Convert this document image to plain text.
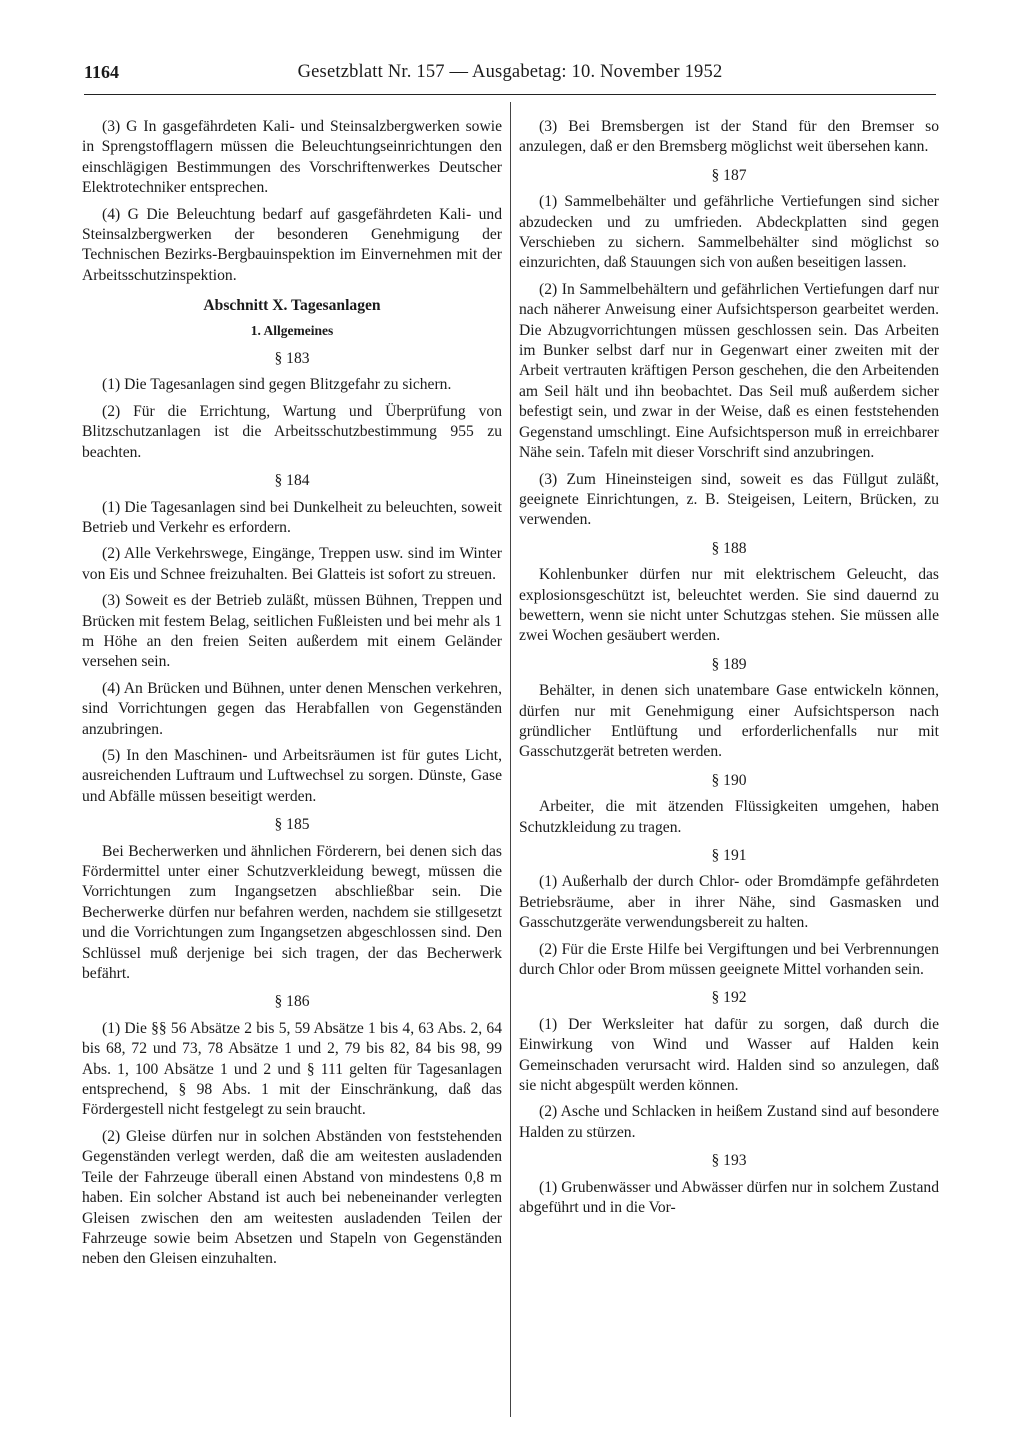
1164	Gesetzblatt Nr. 157 — Ausgabetag: 10. November 1952

(3) G In gasgefährdeten Kali- und Steinsalzbergwerken sowie in Sprengstofflagern müssen die Beleuchtungseinrichtungen den einschlägigen Bestimmungen des Vorschriftenwerkes Deutscher Elektrotechniker entsprechen.

(4) G Die Beleuchtung bedarf auf gasgefährdeten Kali- und Steinsalzbergwerken der besonderen Genehmigung der Technischen Bezirks-Bergbauinspektion im Einvernehmen mit der Arbeitsschutzinspektion.

Abschnitt X. Tagesanlagen
1. Allgemeines
§ 183

(1) Die Tagesanlagen sind gegen Blitzgefahr zu sichern.

(2) Für die Errichtung, Wartung und Überprüfung von Blitzschutzanlagen ist die Arbeitsschutzbestimmung 955 zu beachten.

§ 184

(1) Die Tagesanlagen sind bei Dunkelheit zu beleuchten, soweit Betrieb und Verkehr es erfordern.

(2) Alle Verkehrswege, Eingänge, Treppen usw. sind im Winter von Eis und Schnee freizuhalten. Bei Glatteis ist sofort zu streuen.

(3) Soweit es der Betrieb zuläßt, müssen Bühnen, Treppen und Brücken mit festem Belag, seitlichen Fußleisten und bei mehr als 1 m Höhe an den freien Seiten außerdem mit einem Geländer versehen sein.

(4) An Brücken und Bühnen, unter denen Menschen verkehren, sind Vorrichtungen gegen das Herabfallen von Gegenständen anzubringen.

(5) In den Maschinen- und Arbeitsräumen ist für gutes Licht, ausreichenden Luftraum und Luftwechsel zu sorgen. Dünste, Gase und Abfälle müssen beseitigt werden.

§ 185

Bei Becherwerken und ähnlichen Förderern, bei denen sich das Fördermittel unter einer Schutzverkleidung bewegt, müssen die Vorrichtungen zum Ingangsetzen abschließbar sein. Die Becherwerke dürfen nur befahren werden, nachdem sie stillgesetzt und die Vorrichtungen zum Ingangsetzen abgeschlossen sind. Den Schlüssel muß derjenige bei sich tragen, der das Becherwerk befährt.

§ 186

(1) Die §§ 56 Absätze 2 bis 5, 59 Absätze 1 bis 4, 63 Abs. 2, 64 bis 68, 72 und 73, 78 Absätze 1 und 2, 79 bis 82, 84 bis 98, 99 Abs. 1, 100 Absätze 1 und 2 und § 111 gelten für Tagesanlagen entsprechend, § 98 Abs. 1 mit der Einschränkung, daß das Fördergestell nicht festgelegt zu sein braucht.

(2) Gleise dürfen nur in solchen Abständen von feststehenden Gegenständen verlegt werden, daß die am weitesten ausladenden Teile der Fahrzeuge überall einen Abstand von mindestens 0,8 m haben. Ein solcher Abstand ist auch bei nebeneinander verlegten Gleisen zwischen den am weitesten ausladenden Teilen der Fahrzeuge sowie beim Absetzen und Stapeln von Gegenständen neben den Gleisen einzuhalten.

(3) Bei Bremsbergen ist der Stand für den Bremser so anzulegen, daß er den Bremsberg möglichst weit übersehen kann.

§ 187

(1) Sammelbehälter und gefährliche Vertiefungen sind sicher abzudecken und zu umfrieden. Abdeckplatten sind gegen Verschieben zu sichern. Sammelbehälter sind möglichst so einzurichten, daß Stauungen sich von außen beseitigen lassen.

(2) In Sammelbehältern und gefährlichen Vertiefungen darf nur nach näherer Anweisung einer Aufsichtsperson gearbeitet werden. Die Abzugvorrichtungen müssen geschlossen sein. Das Arbeiten im Bunker selbst darf nur in Gegenwart einer zweiten mit der Arbeit vertrauten kräftigen Person geschehen, die den Arbeitenden am Seil hält und ihn beobachtet. Das Seil muß außerdem sicher befestigt sein, und zwar in der Weise, daß es einen feststehenden Gegenstand umschlingt. Eine Aufsichtsperson muß in erreichbarer Nähe sein. Tafeln mit dieser Vorschrift sind anzubringen.

(3) Zum Hineinsteigen sind, soweit es das Füllgut zuläßt, geeignete Einrichtungen, z. B. Steigeisen, Leitern, Brücken, zu verwenden.

§ 188

Kohlenbunker dürfen nur mit elektrischem Geleucht, das explosionsgeschützt ist, beleuchtet werden. Sie sind dauernd zu bewettern, wenn sie nicht unter Schutzgas stehen. Sie müssen alle zwei Wochen gesäubert werden.

§ 189

Behälter, in denen sich unatembare Gase entwickeln können, dürfen nur mit Genehmigung einer Aufsichtsperson nach gründlicher Entlüftung und erforderlichenfalls nur mit Gasschutzgerät betreten werden.

§ 190

Arbeiter, die mit ätzenden Flüssigkeiten umgehen, haben Schutzkleidung zu tragen.

§ 191

(1) Außerhalb der durch Chlor- oder Bromdämpfe gefährdeten Betriebsräume, aber in ihrer Nähe, sind Gasmasken und Gasschutzgeräte verwendungsbereit zu halten.

(2) Für die Erste Hilfe bei Vergiftungen und bei Verbrennungen durch Chlor oder Brom müssen geeignete Mittel vorhanden sein.

§ 192

(1) Der Werksleiter hat dafür zu sorgen, daß durch die Einwirkung von Wind und Wasser auf Halden kein Gemeinschaden verursacht wird. Halden sind so anzulegen, daß sie nicht abgespült werden können.

(2) Asche und Schlacken in heißem Zustand sind auf besondere Halden zu stürzen.

§ 193

(1) Grubenwässer und Abwässer dürfen nur in solchem Zustand abgeführt und in die Vor-
